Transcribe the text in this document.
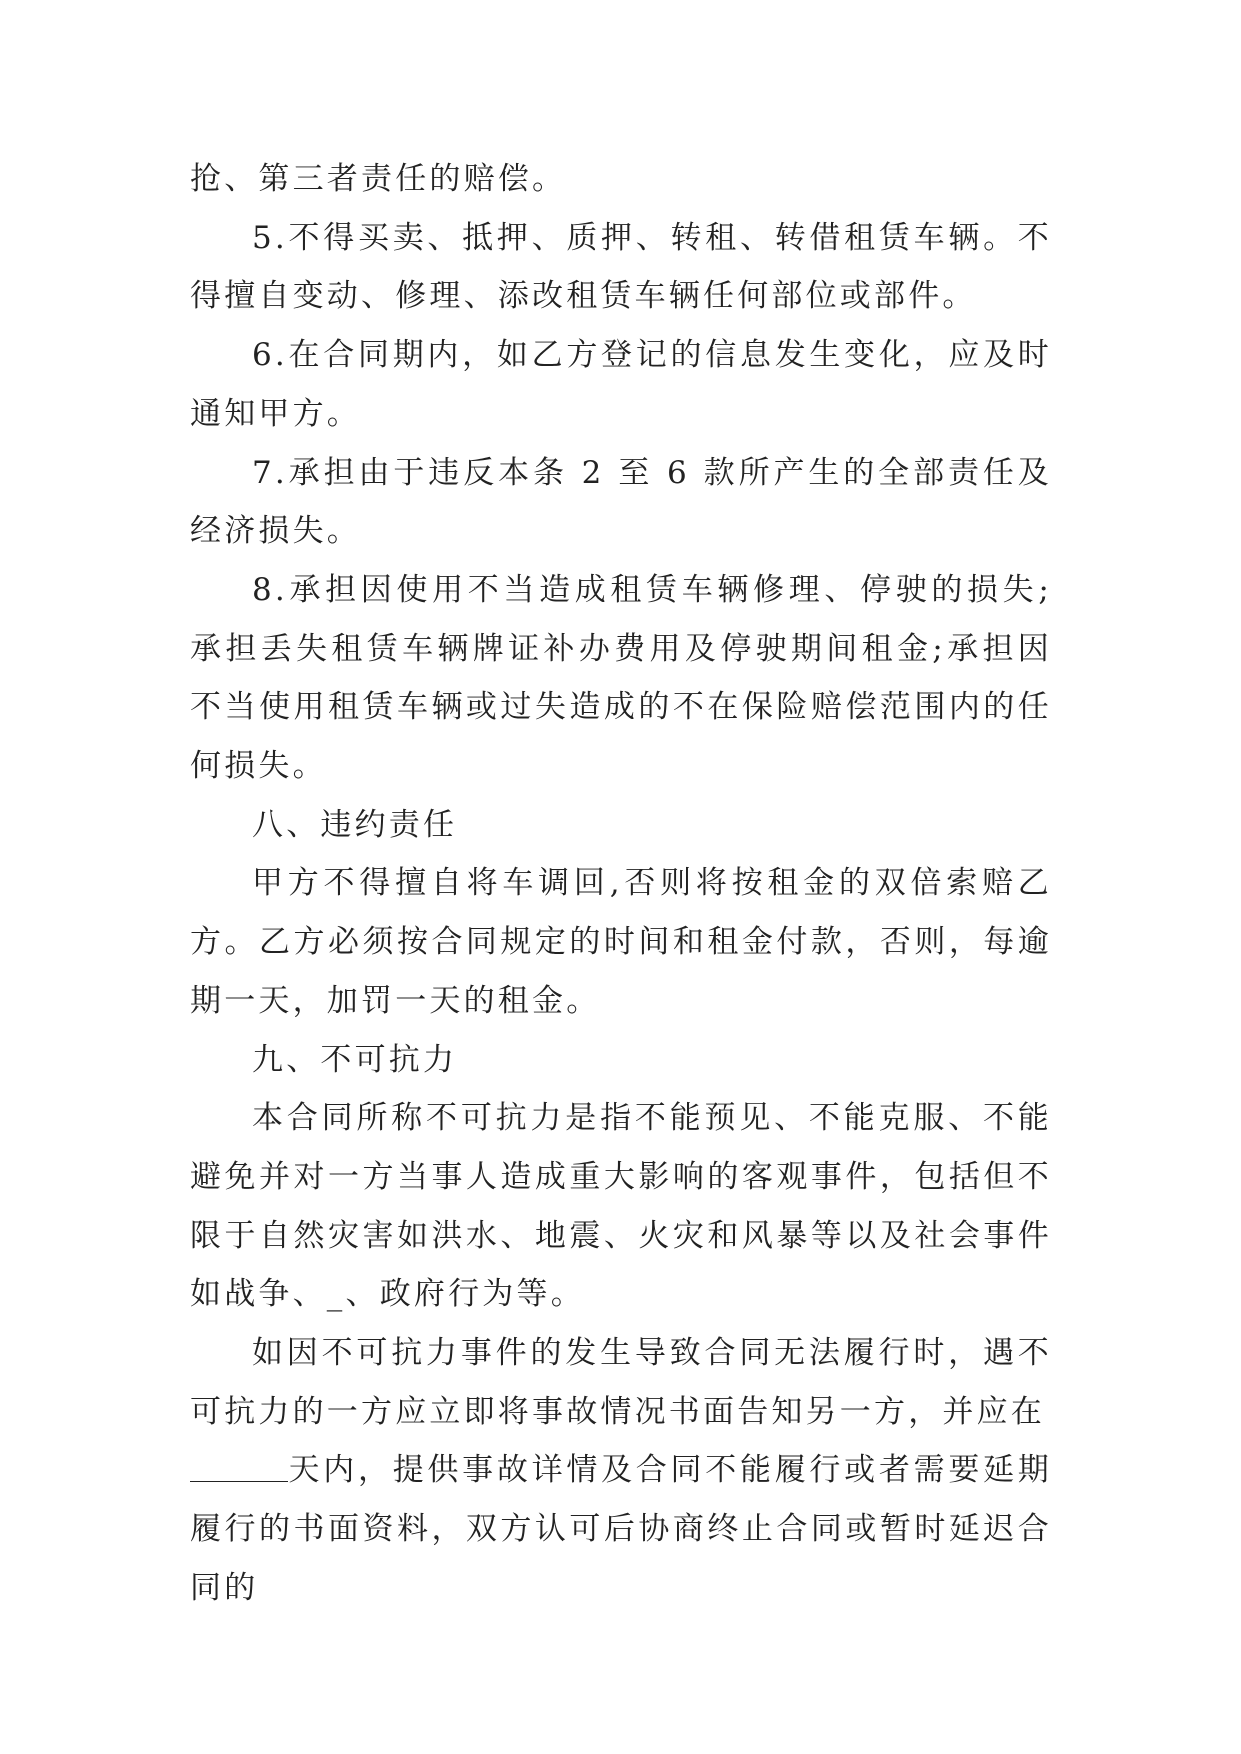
抢、第三者责任的赔偿。

5.不得买卖、抵押、质押、转租、转借租赁车辆。不得擅自变动、修理、添改租赁车辆任何部位或部件。

6.在合同期内，如乙方登记的信息发生变化，应及时通知甲方。

7.承担由于违反本条 2 至 6 款所产生的全部责任及经济损失。

8.承担因使用不当造成租赁车辆修理、停驶的损失;承担丢失租赁车辆牌证补办费用及停驶期间租金;承担因不当使用租赁车辆或过失造成的不在保险赔偿范围内的任何损失。

八、违约责任

甲方不得擅自将车调回,否则将按租金的双倍索赔乙方。乙方必须按合同规定的时间和租金付款，否则，每逾期一天，加罚一天的租金。

九、不可抗力

本合同所称不可抗力是指不能预见、不能克服、不能避免并对一方当事人造成重大影响的客观事件，包括但不限于自然灾害如洪水、地震、火灾和风暴等以及社会事件如战争、_、政府行为等。

如因不可抗力事件的发生导致合同无法履行时，遇不可抗力的一方应立即将事故情况书面告知另一方，并应在

天内，提供事故详情及合同不能履行或者需要延期履行的书面资料，双方认可后协商终止合同或暂时延迟合同的
